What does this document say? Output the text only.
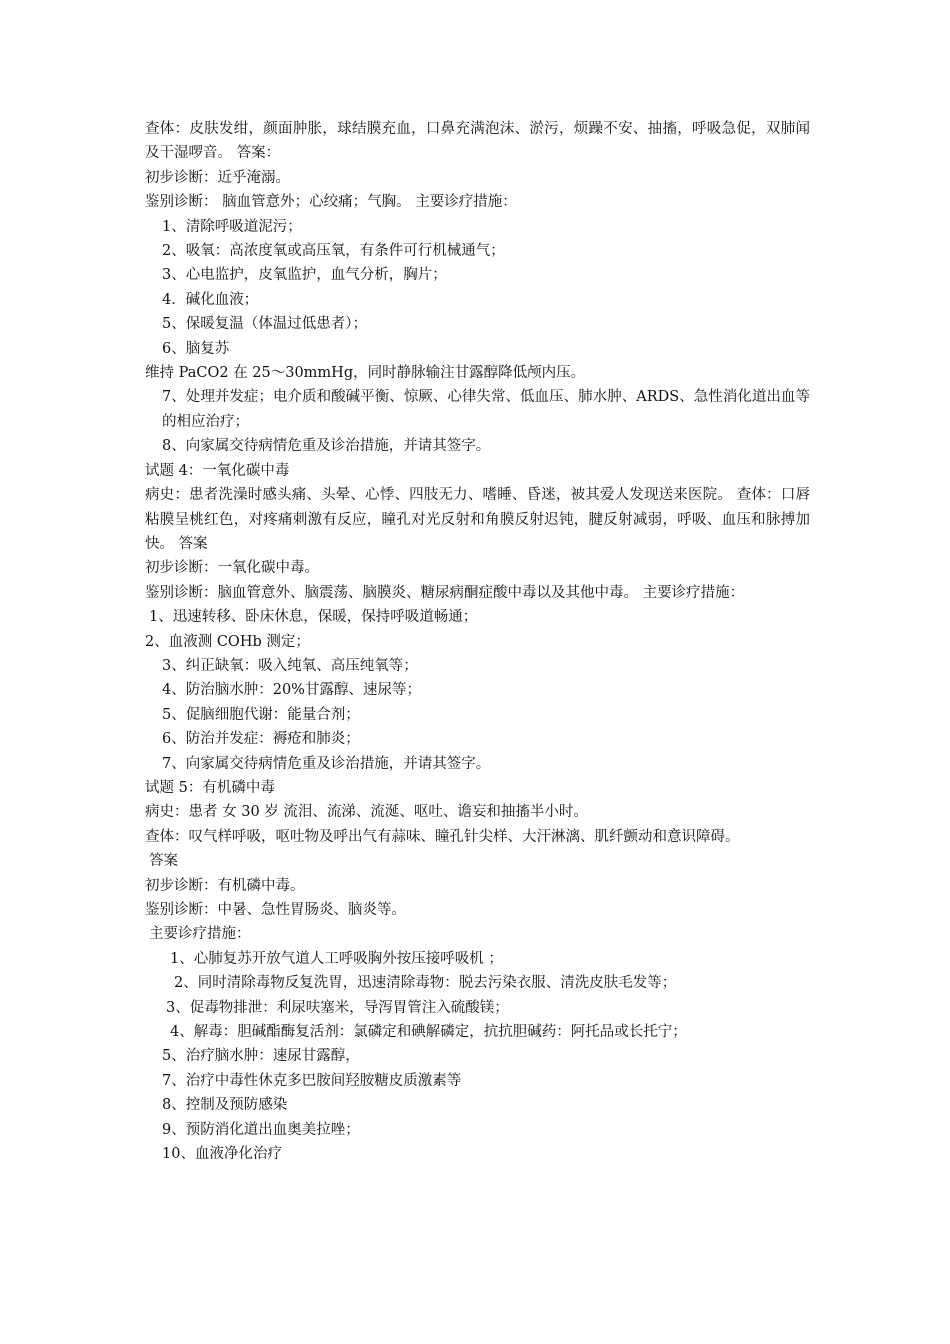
查体：皮肤发绀，颜面肿胀，球结膜充血，口鼻充满泡沫、淤污，烦躁不安、抽搐，呼吸急促，双肺闻及干湿啰音。 答案：
初步诊断：近乎淹溺。
鉴别诊断： 脑血管意外；心绞痛；气胸。 主要诊疗措施：
1、清除呼吸道泥污；
2、吸氧：高浓度氧或高压氧，有条件可行机械通气；
3、心电监护，皮氧监护，血气分析，胸片；
4．碱化血液；
5、保暖复温（体温过低患者）；
6、脑复苏
维持 PaCO2 在 25～30mmHg，同时静脉输注甘露醇降低颅内压。
7、处理并发症；电介质和酸碱平衡、惊厥、心律失常、低血压、肺水肿、ARDS、急性消化道出血等的相应治疗；
8、向家属交待病情危重及诊治措施，并请其签字。
试题 4：一氧化碳中毒
病史：患者洗澡时感头痛、头晕、心悸、四肢无力、嗜睡、昏迷，被其爱人发现送来医院。 查体：口唇粘膜呈桃红色，对疼痛刺激有反应，瞳孔对光反射和角膜反射迟钝，腱反射减弱，呼吸、血压和脉搏加快。 答案
初步诊断：一氧化碳中毒。
鉴别诊断：脑血管意外、脑震荡、脑膜炎、糖尿病酮症酸中毒以及其他中毒。 主要诊疗措施：
1、迅速转移、卧床休息，保暖，保持呼吸道畅通；
2、血液测 COHb 测定；
3、纠正缺氧：吸入纯氧、高压纯氧等；
4、防治脑水肿：20%甘露醇、速尿等；
5、促脑细胞代谢：能量合剂；
6、防治并发症：褥疮和肺炎；
7、向家属交待病情危重及诊治措施，并请其签字。
试题 5：有机磷中毒
病史：患者 女 30 岁 流泪、流涕、流涎、呕吐、谵妄和抽搐半小时。
查体：叹气样呼吸，呕吐物及呼出气有蒜味、瞳孔针尖样、大汗淋漓、肌纤颤动和意识障碍。
答案
初步诊断：有机磷中毒。
鉴别诊断：中暑、急性胃肠炎、脑炎等。
主要诊疗措施：
1、心肺复苏开放气道人工呼吸胸外按压接呼吸机 ；
2、同时清除毒物反复洗胃，迅速清除毒物：脱去污染衣服、清洗皮肤毛发等；
3、促毒物排泄：利尿呋塞米，导泻胃管注入硫酸镁；
4、解毒：胆碱酯酶复活剂：氯磷定和碘解磷定，抗抗胆碱药：阿托品或长托宁；
5、治疗脑水肿：速尿甘露醇，
7、治疗中毒性休克多巴胺间羟胺糖皮质激素等
8、控制及预防感染
9、预防消化道出血奥美拉唑；
10、血液净化治疗
